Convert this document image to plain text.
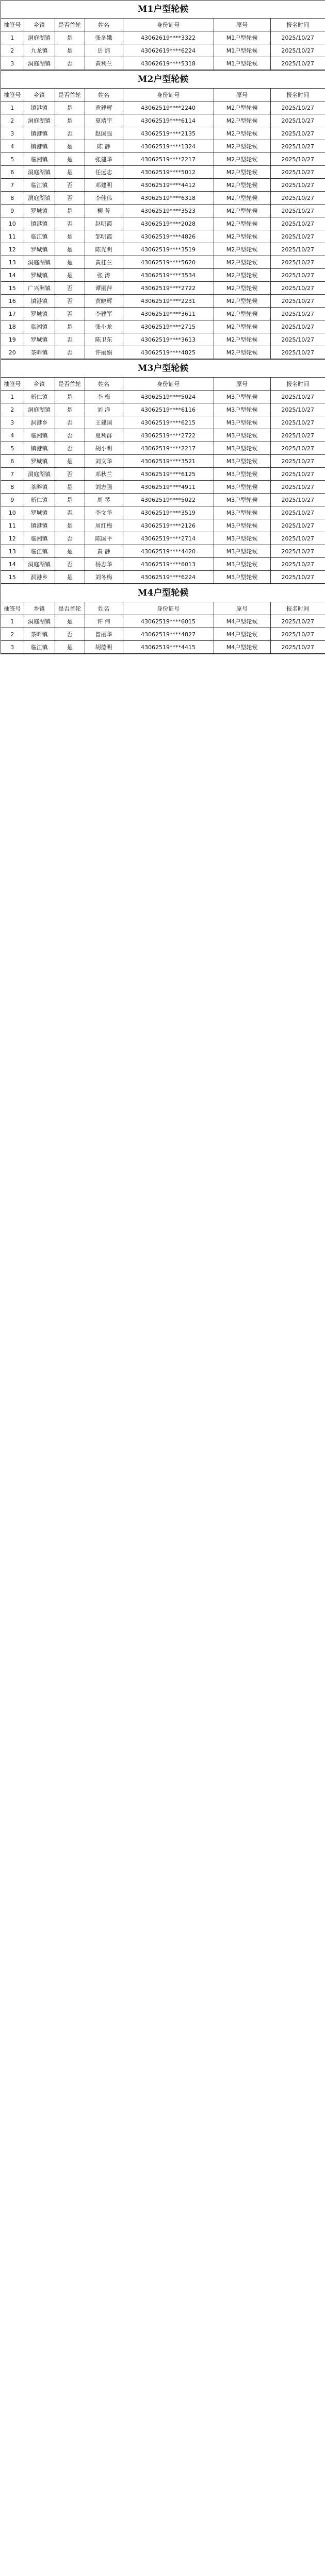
M1户型轮候
抽签号	乡镇	是否首轮	姓名	身份证号	原号	报名时间
1	洞庭湖镇	是	张冬娥	43062619****3322	M1户型轮候	2025/10/27
2	九龙镇	是	岳 炜	43062619****6224	M1户型轮候	2025/10/27
3	洞庭湖镇	否	黄利兰	43062619****5318	M1户型轮候	2025/10/27
M2户型轮候
抽签号	乡镇	是否首轮	姓名	身份证号	原号	报名时间
1	镇港镇	是	黄建辉	43062519****2240	M2户型轮候	2025/10/27
2	洞庭湖镇	是	夏靖宇	43062519****6114	M2户型轮候	2025/10/27
3	镇港镇	否	赵国强	43062519****2135	M2户型轮候	2025/10/27
4	镇港镇	是	陈 静	43062519****1324	M2户型轮候	2025/10/27
5	临湘镇	是	张建华	43062519****2217	M2户型轮候	2025/10/27
6	洞庭湖镇	是	任远志	43062519****5012	M2户型轮候	2025/10/27
7	临江镇	否	邓建明	43062519****4412	M2户型轮候	2025/10/27
8	洞庭湖镇	否	李佳伟	43062519****6318	M2户型轮候	2025/10/27
9	罗城镇	是	柳 芳	43062519****3523	M2户型轮候	2025/10/27
10	镇港镇	否	赵明霞	43062519****2028	M2户型轮候	2025/10/27
11	临江镇	是	邹明霞	43062519****4826	M2户型轮候	2025/10/27
12	罗城镇	是	陈光明	43062519****3519	M2户型轮候	2025/10/27
13	洞庭湖镇	是	黄桂兰	43062519****5620	M2户型轮候	2025/10/27
14	罗城镇	是	张 涛	43062519****3534	M2户型轮候	2025/10/27
15	广兴洲镇	否	谭丽萍	43062519****2722	M2户型轮候	2025/10/27
16	镇港镇	否	黄晓辉	43062519****2231	M2户型轮候	2025/10/27
17	罗城镇	否	李建军	43062519****3611	M2户型轮候	2025/10/27
18	临湘镇	是	张小龙	43062519****2715	M2户型轮候	2025/10/27
19	罗城镇	否	陈卫东	43062519****3613	M2户型轮候	2025/10/27
20	茶畔镇	否	许丽娟	43062519****4825	M2户型轮候	2025/10/27
M3户型轮候
抽签号	乡镇	是否首轮	姓名	身份证号	原号	报名时间
1	新仁镇	是	李 梅	43062519****5024	M3户型轮候	2025/10/27
2	洞庭湖镇	是	刘 洋	43062519****6116	M3户型轮候	2025/10/27
3	洞港乡	否	王建国	43062519****6215	M3户型轮候	2025/10/27
4	临湘镇	否	夏利群	43062519****2722	M3户型轮候	2025/10/27
5	镇港镇	否	胡小明	43062519****2217	M3户型轮候	2025/10/27
6	罗城镇	是	刘文华	43062519****3521	M3户型轮候	2025/10/27
7	洞庭湖镇	否	邓秋兰	43062519****6125	M3户型轮候	2025/10/27
8	茶畔镇	是	刘志强	43062519****4911	M3户型轮候	2025/10/27
9	新仁镇	是	周 琴	43062519****5022	M3户型轮候	2025/10/27
10	罗城镇	否	李文华	43062519****3519	M3户型轮候	2025/10/27
11	镇港镇	是	周红梅	43062519****2126	M3户型轮候	2025/10/27
12	临湘镇	否	陈国平	43062519****2714	M3户型轮候	2025/10/27
13	临江镇	是	黄 静	43062519****4420	M3户型轮候	2025/10/27
14	洞庭湖镇	否	杨志华	43062519****6013	M3户型轮候	2025/10/27
15	洞港乡	是	刘冬梅	43062519****6224	M3户型轮候	2025/10/27
M4户型轮候
抽签号	乡镇	是否首轮	姓名	身份证号	原号	报名时间
1	洞庭湖镇	是	许 伟	43062519****6015	M4户型轮候	2025/10/27
2	茶畔镇	否	曾丽华	43062519****4827	M4户型轮候	2025/10/27
3	临江镇	是	胡德明	43062519****4415	M4户型轮候	2025/10/27
